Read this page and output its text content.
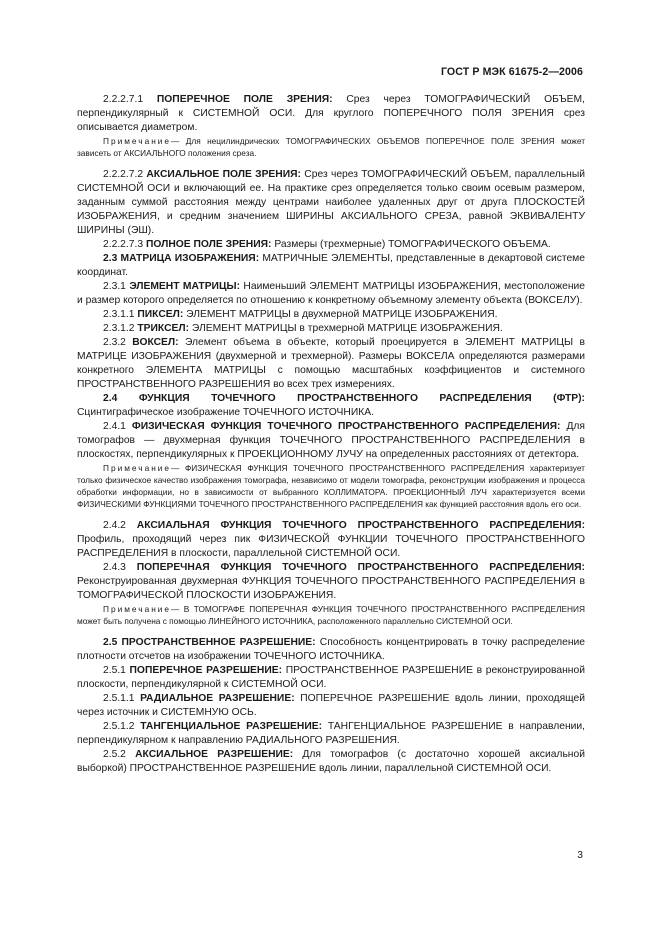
ГОСТ Р МЭК 61675-2—2006

2.2.2.7.1 ПОПЕРЕЧНОЕ ПОЛЕ ЗРЕНИЯ: Срез через ТОМОГРАФИЧЕСКИЙ ОБЪЕМ, перпендикулярный к СИСТЕМНОЙ ОСИ. Для круглого ПОПЕРЕЧНОГО ПОЛЯ ЗРЕНИЯ срез описывается диаметром.

Примечание— Для нецилиндрических ТОМОГРАФИЧЕСКИХ ОБЪЕМОВ ПОПЕРЕЧНОЕ ПОЛЕ ЗРЕНИЯ может зависеть от АКСИАЛЬНОГО положения среза.

2.2.2.7.2 АКСИАЛЬНОЕ ПОЛЕ ЗРЕНИЯ: Срез через ТОМОГРАФИЧЕСКИЙ ОБЪЕМ, параллельный СИСТЕМНОЙ ОСИ и включающий ее. На практике срез определяется только своим осевым размером, заданным суммой расстояния между центрами наиболее удаленных друг от друга ПЛОСКОСТЕЙ ИЗОБРАЖЕНИЯ, и средним значением ШИРИНЫ АКСИАЛЬНОГО СРЕЗА, равной ЭКВИВАЛЕНТУ ШИРИНЫ (ЭШ).

2.2.2.7.3 ПОЛНОЕ ПОЛЕ ЗРЕНИЯ: Размеры (трехмерные) ТОМОГРАФИЧЕСКОГО ОБЪЕМА.

2.3 МАТРИЦА ИЗОБРАЖЕНИЯ: МАТРИЧНЫЕ ЭЛЕМЕНТЫ, представленные в декартовой системе координат.

2.3.1 ЭЛЕМЕНТ МАТРИЦЫ: Наименьший ЭЛЕМЕНТ МАТРИЦЫ ИЗОБРАЖЕНИЯ, местоположение и размер которого определяется по отношению к конкретному объемному элементу объекта (ВОКСЕЛУ).

2.3.1.1 ПИКСЕЛ: ЭЛЕМЕНТ МАТРИЦЫ в двухмерной МАТРИЦЕ ИЗОБРАЖЕНИЯ.

2.3.1.2 ТРИКСЕЛ: ЭЛЕМЕНТ МАТРИЦЫ в трехмерной МАТРИЦЕ ИЗОБРАЖЕНИЯ.

2.3.2 ВОКСЕЛ: Элемент объема в объекте, который проецируется в ЭЛЕМЕНТ МАТРИЦЫ в МАТРИЦЕ ИЗОБРАЖЕНИЯ (двухмерной и трехмерной). Размеры ВОКСЕЛА определяются размерами конкретного ЭЛЕМЕНТА МАТРИЦЫ с помощью масштабных коэффициентов и системного ПРОСТРАНСТВЕННОГО РАЗРЕШЕНИЯ во всех трех измерениях.

2.4 ФУНКЦИЯ ТОЧЕЧНОГО ПРОСТРАНСТВЕННОГО РАСПРЕДЕЛЕНИЯ (ФТР): Сцинтиграфическое изображение ТОЧЕЧНОГО ИСТОЧНИКА.

2.4.1 ФИЗИЧЕСКАЯ ФУНКЦИЯ ТОЧЕЧНОГО ПРОСТРАНСТВЕННОГО РАСПРЕДЕЛЕНИЯ: Для томографов — двухмерная функция ТОЧЕЧНОГО ПРОСТРАНСТВЕННОГО РАСПРЕДЕЛЕНИЯ в плоскостях, перпендикулярных к ПРОЕКЦИОННОМУ ЛУЧУ на определенных расстояниях от детектора.

Примечание— ФИЗИЧЕСКАЯ ФУНКЦИЯ ТОЧЕЧНОГО ПРОСТРАНСТВЕННОГО РАСПРЕДЕЛЕНИЯ характеризует только физическое качество изображения томографа, независимо от модели томографа, реконструкции изображения и процесса обработки информации, но в зависимости от выбранного КОЛЛИМАТОРА. ПРОЕКЦИОННЫЙ ЛУЧ характеризуется всеми ФИЗИЧЕСКИМИ ФУНКЦИЯМИ ТОЧЕЧНОГО ПРОСТРАНСТВЕННОГО РАСПРЕДЕЛЕНИЯ как функцией расстояния вдоль его оси.

2.4.2 АКСИАЛЬНАЯ ФУНКЦИЯ ТОЧЕЧНОГО ПРОСТРАНСТВЕННОГО РАСПРЕДЕЛЕНИЯ: Профиль, проходящий через пик ФИЗИЧЕСКОЙ ФУНКЦИИ ТОЧЕЧНОГО ПРОСТРАНСТВЕННОГО РАСПРЕДЕЛЕНИЯ в плоскости, параллельной СИСТЕМНОЙ ОСИ.

2.4.3 ПОПЕРЕЧНАЯ ФУНКЦИЯ ТОЧЕЧНОГО ПРОСТРАНСТВЕННОГО РАСПРЕДЕЛЕНИЯ: Реконструированная двухмерная ФУНКЦИЯ ТОЧЕЧНОГО ПРОСТРАНСТВЕННОГО РАСПРЕДЕЛЕНИЯ в ТОМОГРАФИЧЕСКОЙ ПЛОСКОСТИ ИЗОБРАЖЕНИЯ.

Примечание— В ТОМОГРАФЕ ПОПЕРЕЧНАЯ ФУНКЦИЯ ТОЧЕЧНОГО ПРОСТРАНСТВЕННОГО РАСПРЕДЕЛЕНИЯ может быть получена с помощью ЛИНЕЙНОГО ИСТОЧНИКА, расположенного параллельно СИСТЕМНОЙ ОСИ.

2.5 ПРОСТРАНСТВЕННОЕ РАЗРЕШЕНИЕ: Способность концентрировать в точку распределение плотности отсчетов на изображении ТОЧЕЧНОГО ИСТОЧНИКА.

2.5.1 ПОПЕРЕЧНОЕ РАЗРЕШЕНИЕ: ПРОСТРАНСТВЕННОЕ РАЗРЕШЕНИЕ в реконструированной плоскости, перпендикулярной к СИСТЕМНОЙ ОСИ.

2.5.1.1 РАДИАЛЬНОЕ РАЗРЕШЕНИЕ: ПОПЕРЕЧНОЕ РАЗРЕШЕНИЕ вдоль линии, проходящей через источник и СИСТЕМНУЮ ОСЬ.

2.5.1.2 ТАНГЕНЦИАЛЬНОЕ РАЗРЕШЕНИЕ: ТАНГЕНЦИАЛЬНОЕ РАЗРЕШЕНИЕ в направлении, перпендикулярном к направлению РАДИАЛЬНОГО РАЗРЕШЕНИЯ.

2.5.2 АКСИАЛЬНОЕ РАЗРЕШЕНИЕ: Для томографов (с достаточно хорошей аксиальной выборкой) ПРОСТРАНСТВЕННОЕ РАЗРЕШЕНИЕ вдоль линии, параллельной СИСТЕМНОЙ ОСИ.

3
